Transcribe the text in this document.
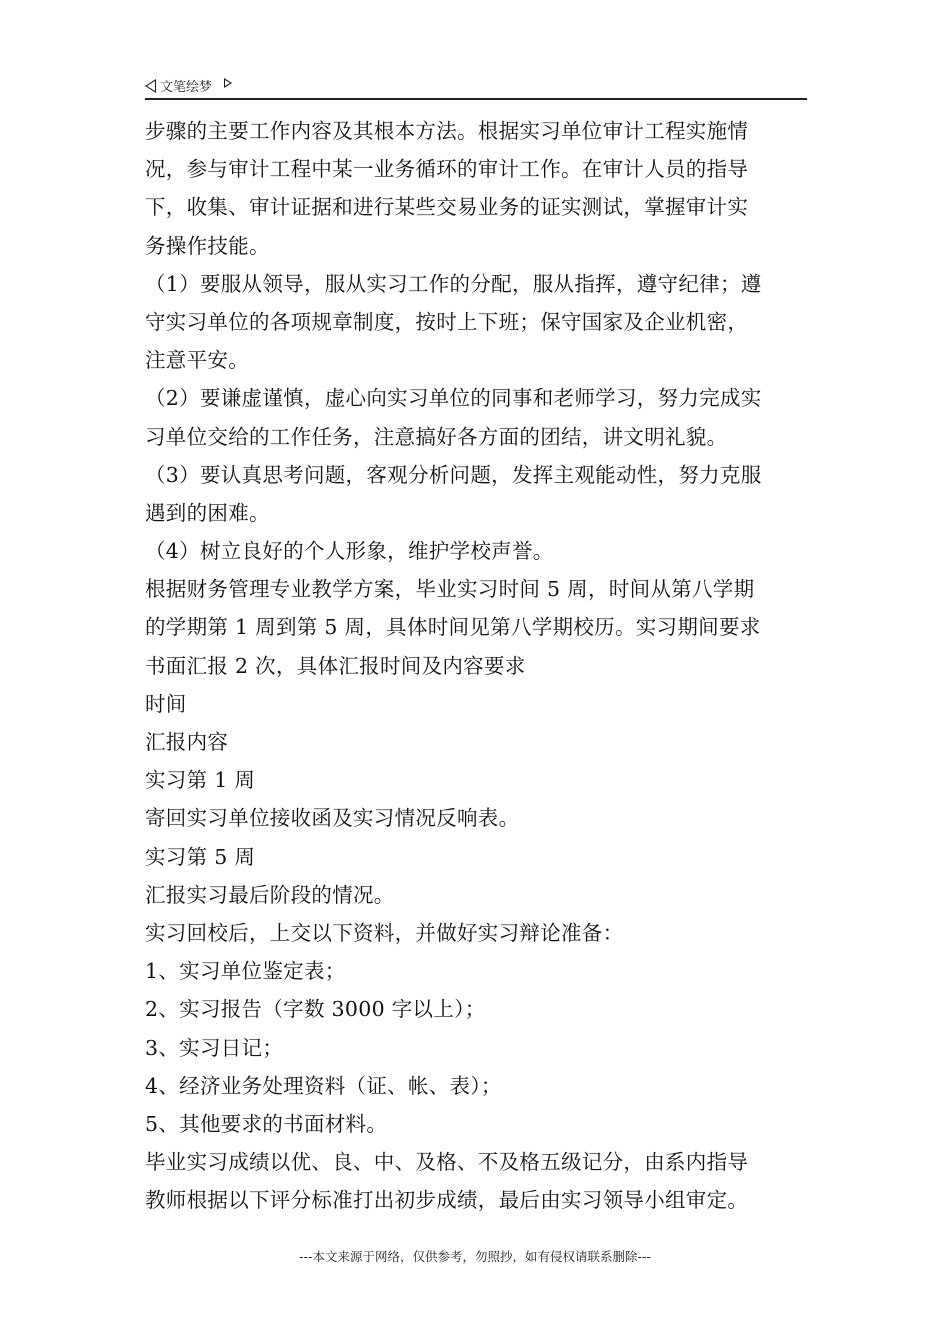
文笔绘梦
步骤的主要工作内容及其根本方法。根据实习单位审计工程实施情
况，参与审计工程中某一业务循环的审计工作。在审计人员的指导
下，收集、审计证据和进行某些交易业务的证实测试，掌握审计实
务操作技能。
（1）要服从领导，服从实习工作的分配，服从指挥，遵守纪律；遵
守实习单位的各项规章制度，按时上下班；保守国家及企业机密，
注意平安。
（2）要谦虚谨慎，虚心向实习单位的同事和老师学习，努力完成实
习单位交给的工作任务，注意搞好各方面的团结，讲文明礼貌。
（3）要认真思考问题，客观分析问题，发挥主观能动性，努力克服
遇到的困难。
（4）树立良好的个人形象，维护学校声誉。
根据财务管理专业教学方案，毕业实习时间 5 周，时间从第八学期
的学期第 1 周到第 5 周，具体时间见第八学期校历。实习期间要求
书面汇报 2 次，具体汇报时间及内容要求
时间
汇报内容
实习第 1 周
寄回实习单位接收函及实习情况反响表。
实习第 5 周
汇报实习最后阶段的情况。
实习回校后，上交以下资料，并做好实习辩论准备：
1、实习单位鉴定表；
2、实习报告（字数 3000 字以上）；
3、实习日记；
4、经济业务处理资料（证、帐、表）；
5、其他要求的书面材料。
毕业实习成绩以优、良、中、及格、不及格五级记分，由系内指导
教师根据以下评分标准打出初步成绩，最后由实习领导小组审定。
---本文来源于网络，仅供参考，勿照抄，如有侵权请联系删除---
